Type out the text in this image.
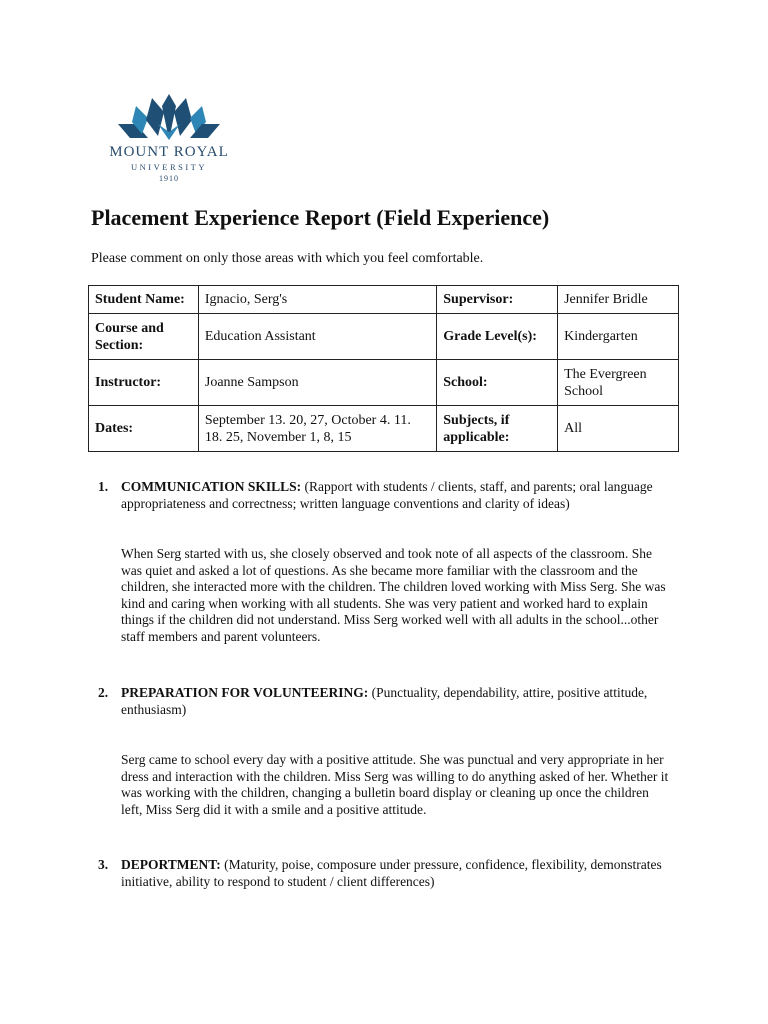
MOUNT ROYAL
UNIVERSITY
1910
Placement Experience Report (Field Experience)

Please comment on only those areas with which you feel comfortable.

Student Name:	Ignacio, Serg's	Supervisor:	Jennifer Bridle
Course and Section:	Education Assistant	Grade Level(s):	Kindergarten
Instructor:	Joanne Sampson	School:	The Evergreen School
Dates:	September 13. 20, 27, October 4. 11. 18. 25, November 1, 8, 15	Subjects, if applicable:	All
1. COMMUNICATION SKILLS: (Rapport with students / clients, staff, and parents; oral language appropriateness and correctness; written language conventions and clarity of ideas)

When Serg started with us, she closely observed and took note of all aspects of the classroom. She was quiet and asked a lot of questions. As she became more familiar with the classroom and the children, she interacted more with the children. The children loved working with Miss Serg. She was kind and caring when working with all students. She was very patient and worked hard to explain things if the children did not understand. Miss Serg worked well with all adults in the school...other staff members and parent volunteers.

2. PREPARATION FOR VOLUNTEERING: (Punctuality, dependability, attire, positive attitude, enthusiasm)

Serg came to school every day with a positive attitude. She was punctual and very appropriate in her dress and interaction with the children. Miss Serg was willing to do anything asked of her. Whether it was working with the children, changing a bulletin board display or cleaning up once the children left, Miss Serg did it with a smile and a positive attitude.

3. DEPORTMENT: (Maturity, poise, composure under pressure, confidence, flexibility, demonstrates initiative, ability to respond to student / client differences)
